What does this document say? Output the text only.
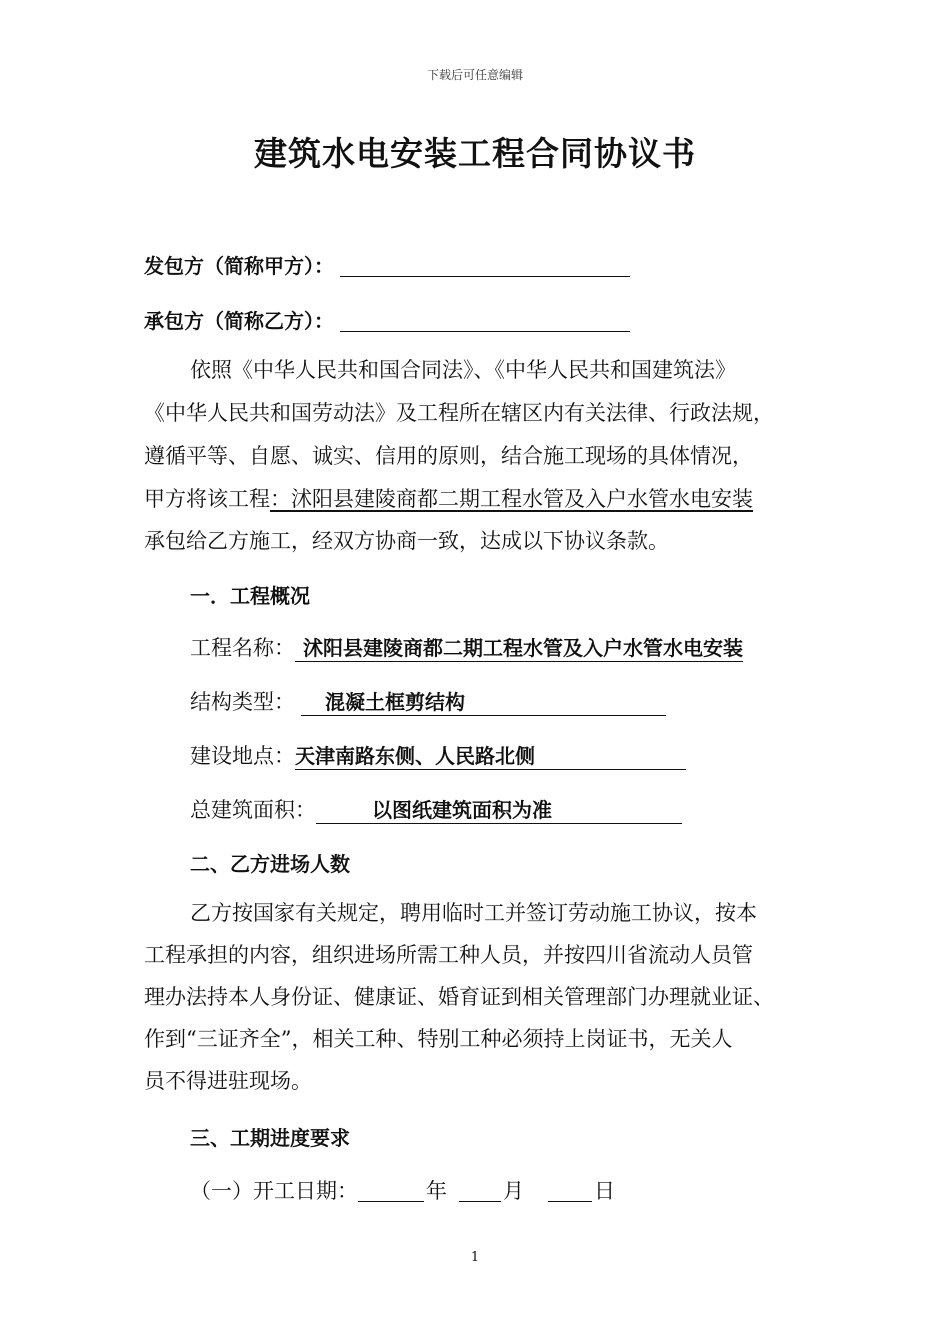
下载后可任意编辑
建筑水电安装工程合同协议书
发包方（简称甲方）：
承包方（简称乙方）：
依照《中华人民共和国合同法》、《中华人民共和国建筑法》
《中华人民共和国劳动法》及工程所在辖区内有关法律、行政法规，
遵循平等、自愿、诚实、信用的原则，结合施工现场的具体情况，
甲方将该工程：沭阳县建陵商都二期工程水管及入户水管水电安装
承包给乙方施工，经双方协商一致，达成以下协议条款。
一．工程概况
工程名称：沭阳县建陵商都二期工程水管及入户水管水电安装
结构类型： 混凝土框剪结构
建设地点：天津南路东侧、人民路北侧
总建筑面积：	以图纸建筑面积为准
二、乙方进场人数
乙方按国家有关规定，聘用临时工并签订劳动施工协议，按本
工程承担的内容，组织进场所需工种人员，并按四川省流动人员管
理办法持本人身份证、健康证、婚育证到相关管理部门办理就业证、
作到“三证齐全”，相关工种、特别工种必须持上岗证书，无关人
员不得进驻现场。
三、工期进度要求
（一）开工日期：	年	月	日
1
